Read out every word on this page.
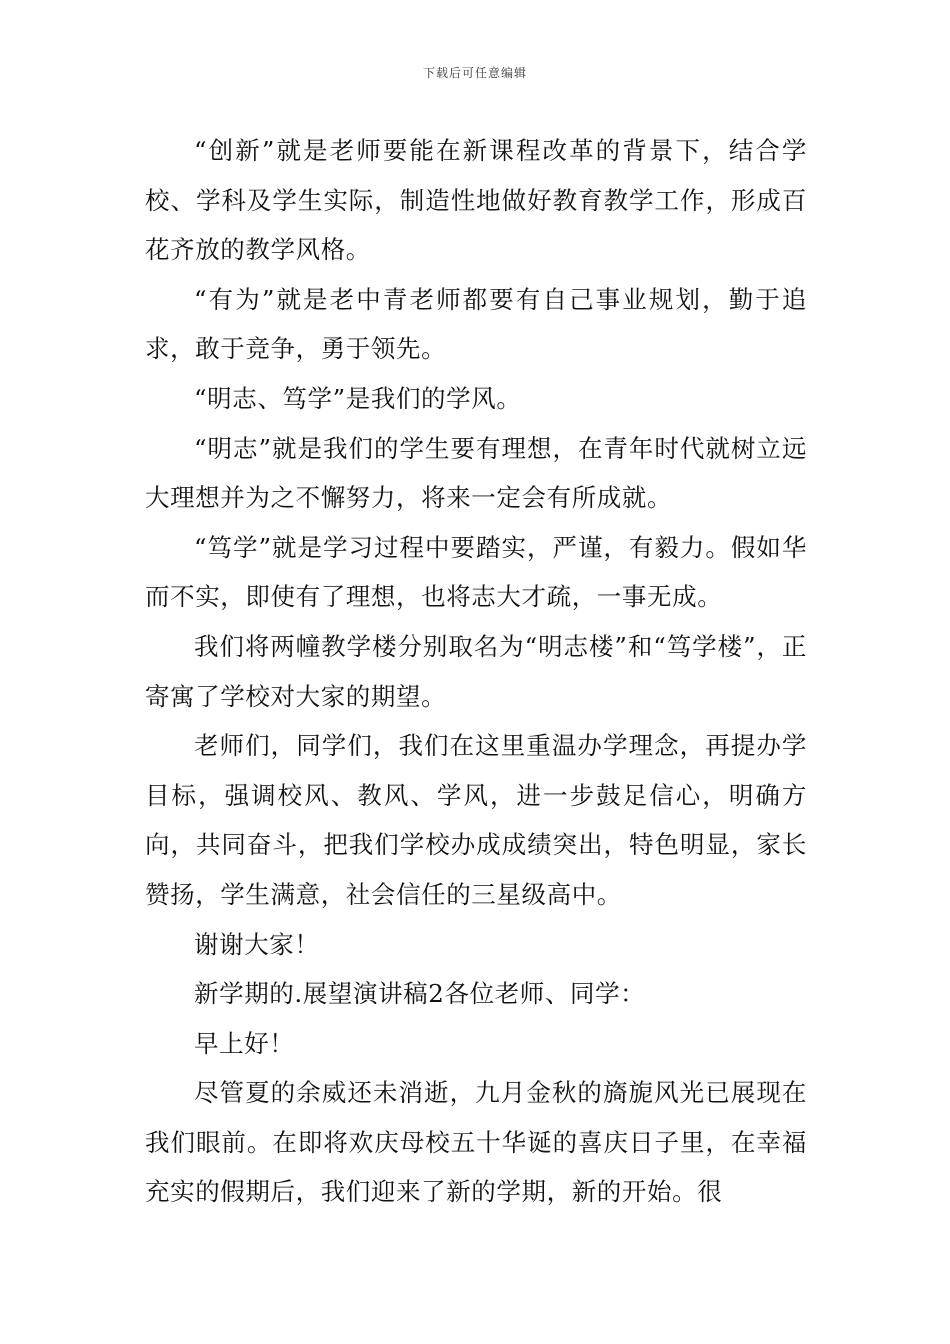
下载后可任意编辑

“创新”就是老师要能在新课程改革的背景下，结合学校、学科及学生实际，制造性地做好教育教学工作，形成百花齐放的教学风格。

“有为”就是老中青老师都要有自己事业规划，勤于追求，敢于竞争，勇于领先。

“明志、笃学”是我们的学风。

“明志”就是我们的学生要有理想，在青年时代就树立远大理想并为之不懈努力，将来一定会有所成就。

“笃学”就是学习过程中要踏实，严谨，有毅力。假如华而不实，即使有了理想，也将志大才疏，一事无成。

我们将两幢教学楼分别取名为“明志楼”和“笃学楼”，正寄寓了学校对大家的期望。

老师们，同学们，我们在这里重温办学理念，再提办学目标，强调校风、教风、学风，进一步鼓足信心，明确方向，共同奋斗，把我们学校办成成绩突出，特色明显，家长赞扬，学生满意，社会信任的三星级高中。

谢谢大家！

新学期的.展望演讲稿2各位老师、同学：

早上好！

尽管夏的余威还未消逝，九月金秋的旖旎风光已展现在我们眼前。在即将欢庆母校五十华诞的喜庆日子里，在幸福充实的假期后，我们迎来了新的学期，新的开始。很
